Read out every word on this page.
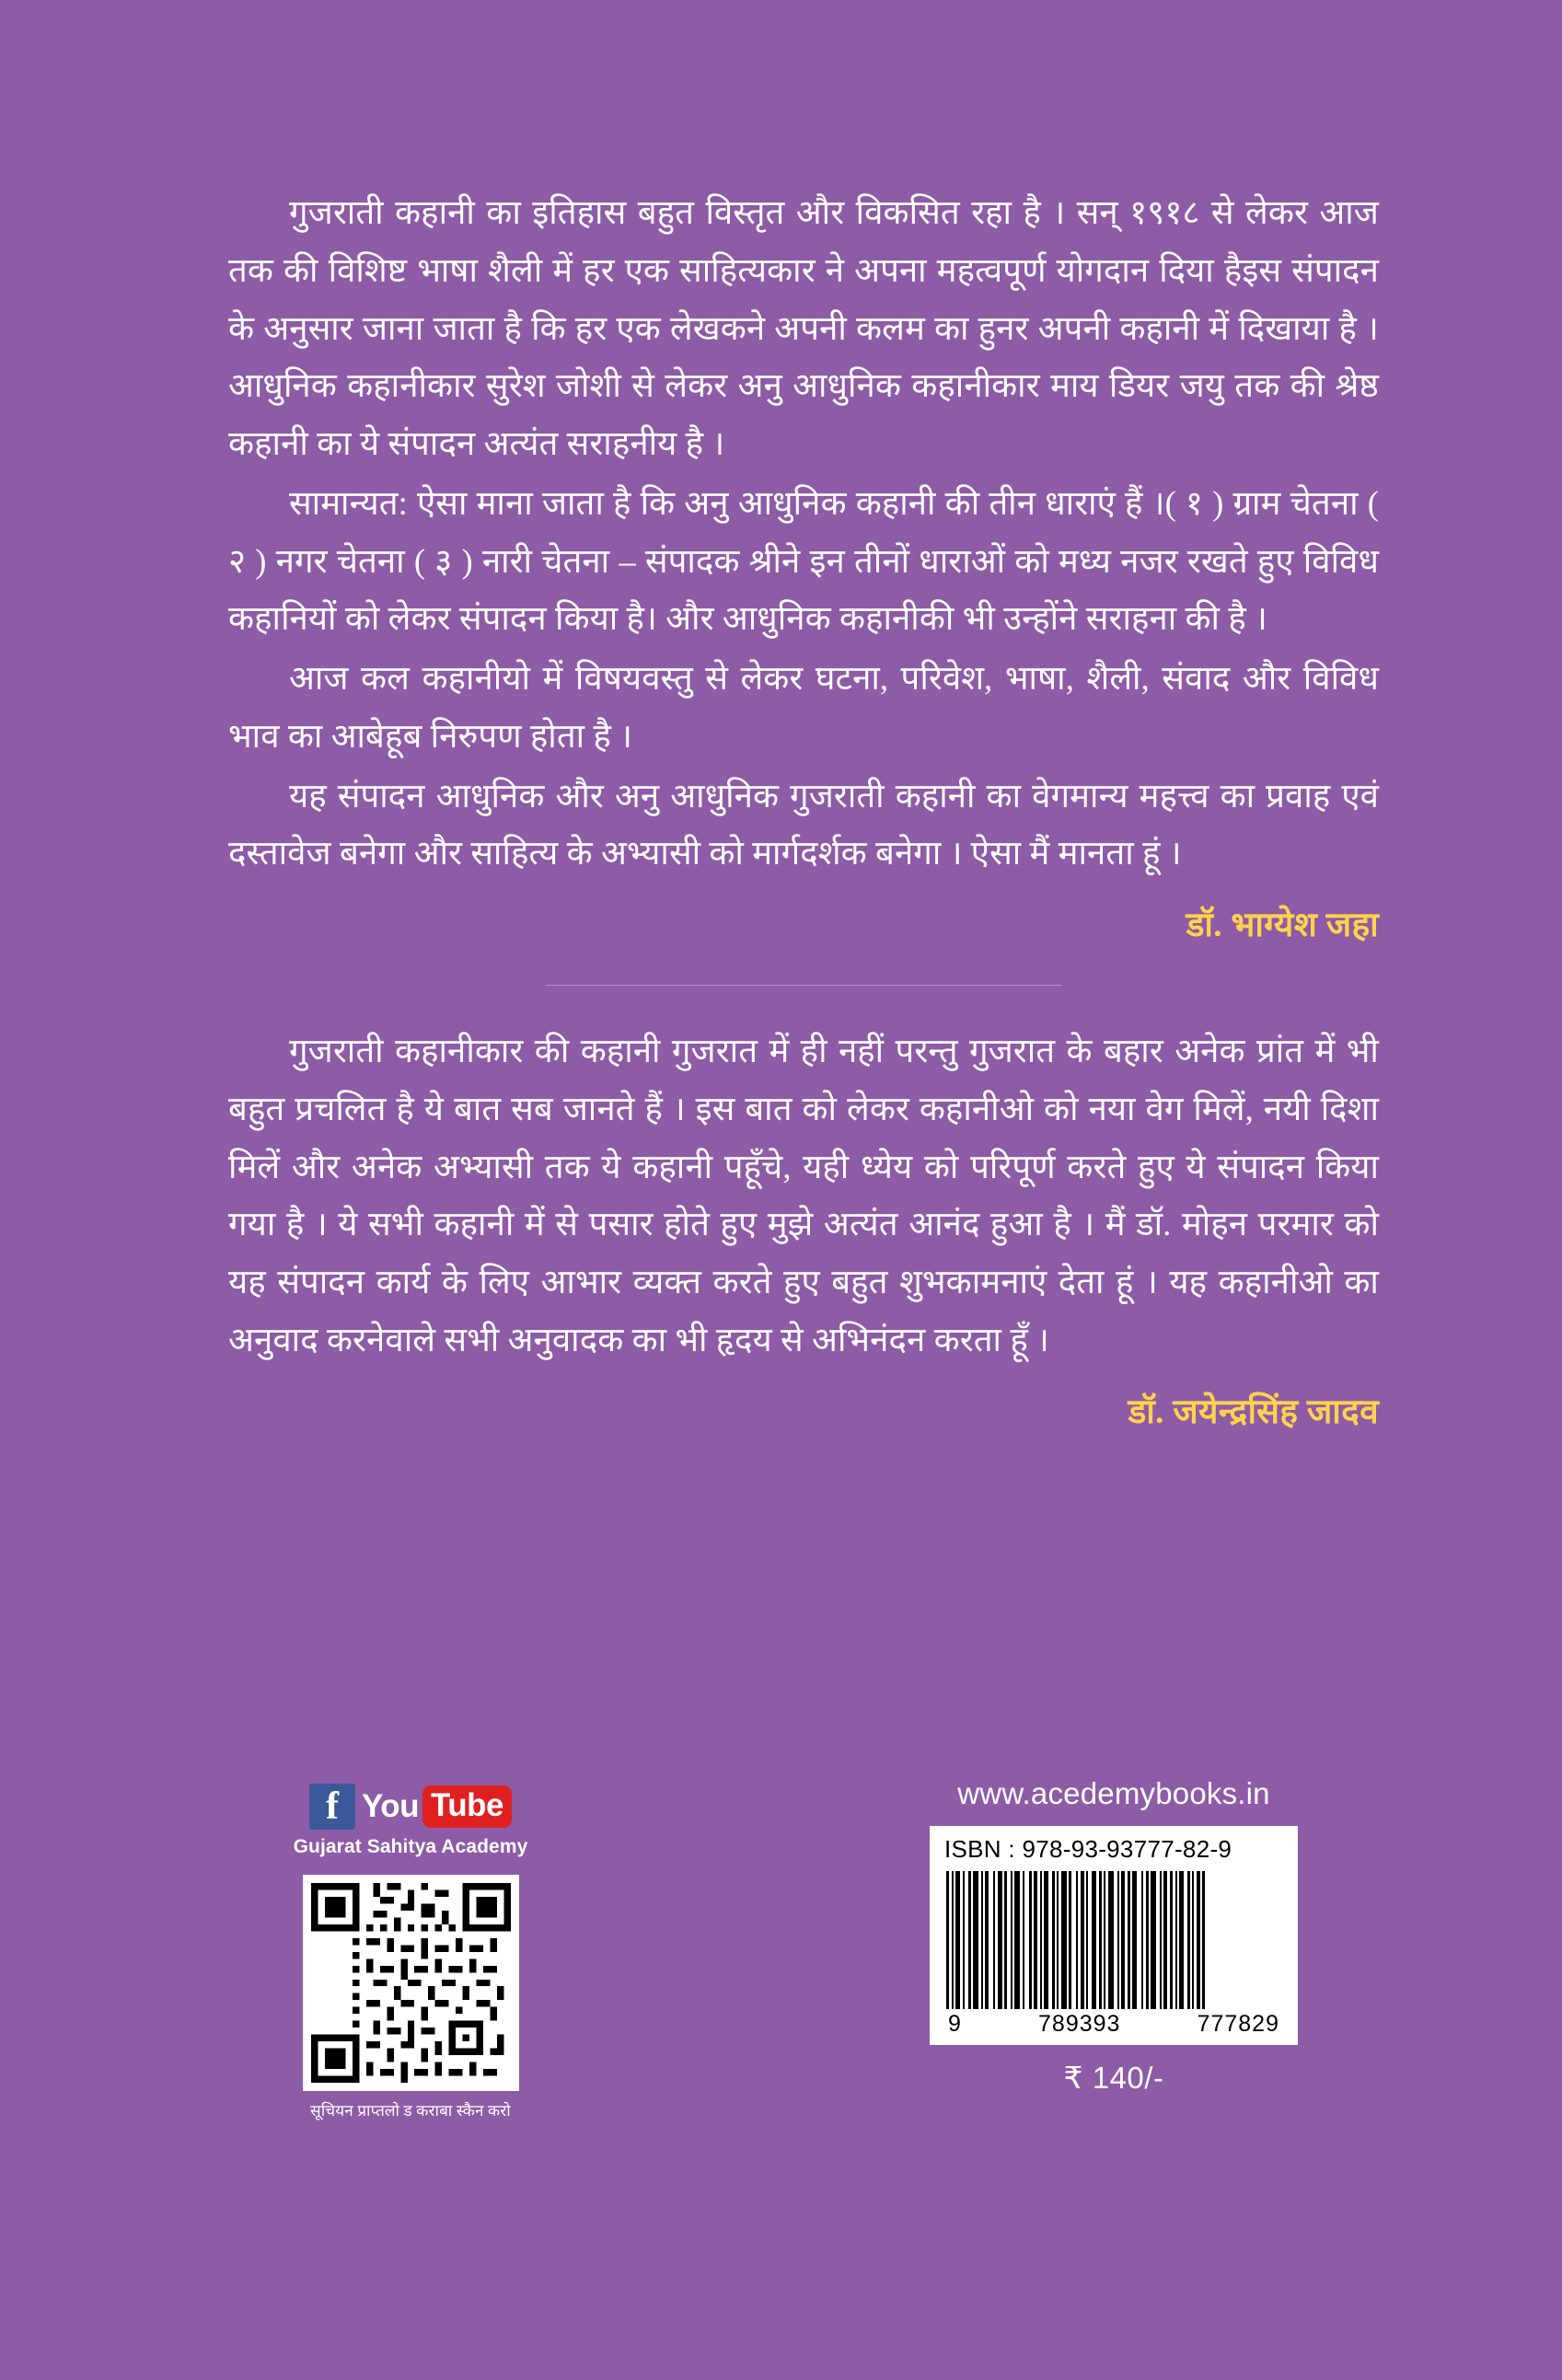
गुजराती कहानी का इतिहास बहुत विस्तृत और विकसित रहा है । सन् १९१८ से लेकर आज तक की विशिष्ट भाषा शैली में हर एक साहित्यकार ने अपना महत्वपूर्ण योगदान दिया हैइस संपादन के अनुसार जाना जाता है कि हर एक लेखकने अपनी कलम का हुनर अपनी कहानी में दिखाया है । आधुनिक कहानीकार सुरेश जोशी से लेकर अनु आधुनिक कहानीकार माय डियर जयु तक की श्रेष्ठ कहानी का ये संपादन अत्यंत सराहनीय है ।

सामान्यत: ऐसा माना जाता है कि अनु आधुनिक कहानी की तीन धाराएं हैं ।( १ ) ग्राम चेतना ( २ ) नगर चेतना ( ३ ) नारी चेतना – संपादक श्रीने इन तीनों धाराओं को मध्य नजर रखते हुए विविध कहानियों को लेकर संपादन किया है। और आधुनिक कहानीकी भी उन्होंने सराहना की है ।

आज कल कहानीयो में विषयवस्तु से लेकर घटना, परिवेश, भाषा, शैली, संवाद और विविध भाव का आबेहूब निरुपण होता है ।

यह संपादन आधुनिक और अनु आधुनिक गुजराती कहानी का वेगमान्य महत्त्व का प्रवाह एवं दस्तावेज बनेगा और साहित्य के अभ्यासी को मार्गदर्शक बनेगा । ऐसा मैं मानता हूं ।

डॉ. भाग्येश जहा

गुजराती कहानीकार की कहानी गुजरात में ही नहीं परन्तु गुजरात के बहार अनेक प्रांत में भी बहुत प्रचलित है ये बात सब जानते हैं । इस बात को लेकर कहानीओ को नया वेग मिलें, नयी दिशा मिलें और अनेक अभ्यासी तक ये कहानी पहूँचे, यही ध्येय को परिपूर्ण करते हुए ये संपादन किया गया है । ये सभी कहानी में से पसार होते हुए मुझे अत्यंत आनंद हुआ है । मैं डॉ. मोहन परमार को यह संपादन कार्य के लिए आभार व्यक्त करते हुए बहुत शुभकामनाएं देता हूं । यह कहानीओ का अनुवाद करनेवाले सभी अनुवादक का भी हृदय से अभिनंदन करता हूँ ।

डॉ. जयेन्द्रसिंह जादव
f You Tube
Gujarat Sahitya Academy
सूचियन प्राप्तलो ड कराबा स्कैन करो
www.acedemybooks.in
ISBN : 978-93-93777-82-9
9	789393	777829
₹ 140/-
